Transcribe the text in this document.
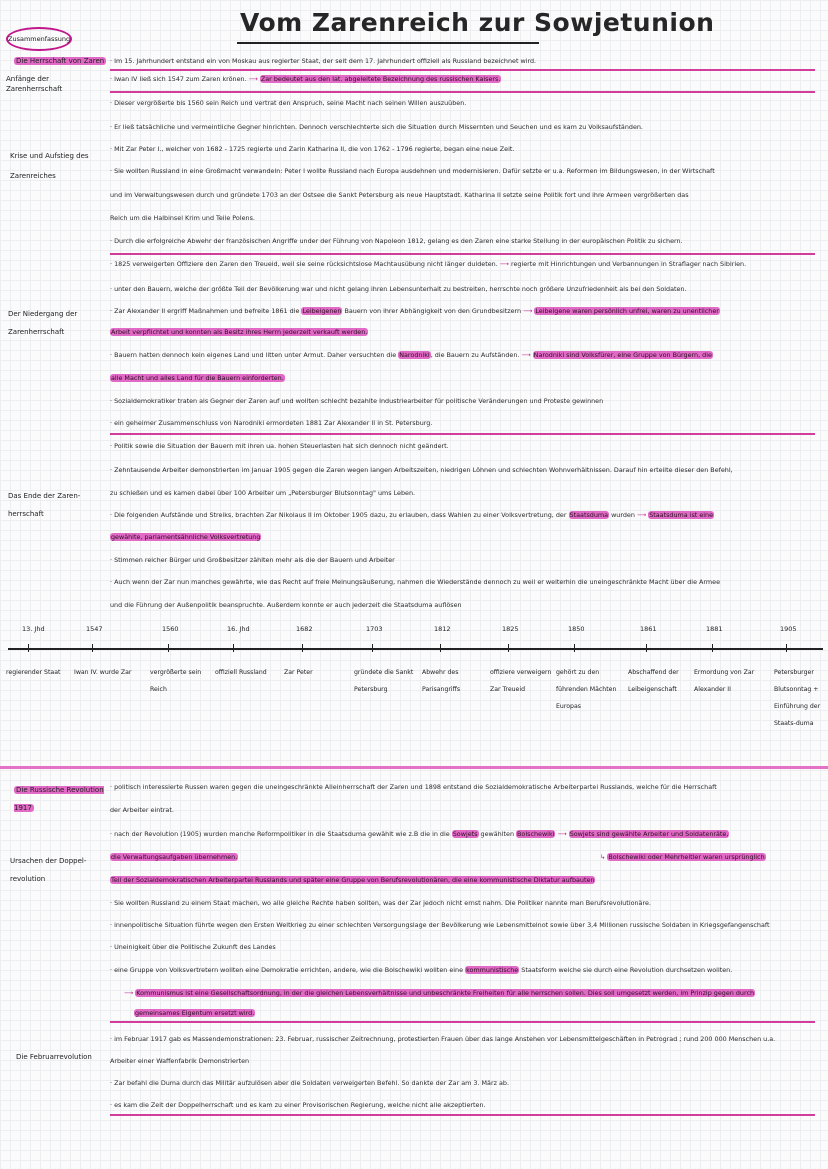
Zusammenfassung
Vom Zarenreich zur Sowjetunion
Die Herrschaft von Zaren
Anfänge der Zarenherrschaft
Krise und Aufstieg des Zarenreiches
Der Niedergang der Zarenherrschaft
Das Ende der Zaren-herrschaft
Die Russische Revolution 1917
Ursachen der Doppel-revolution
Die Februarrevolution
· Im 15. Jahrhundert entstand ein von Moskau aus regierter Staat, der seit dem 17. Jahrhundert offiziell als Russland bezeichnet wird.
· Iwan IV ließ sich 1547 zum Zaren krönen. ⟶ Zar bedeutet aus den lat. abgeleitete Bezeichnung des russischen Kaisers.
· Dieser vergrößerte bis 1560 sein Reich und vertrat den Anspruch, seine Macht nach seinen Willen auszuüben.
· Er ließ tatsächliche und vermeintliche Gegner hinrichten. Dennoch verschlechterte sich die Situation durch Missernten und Seuchen und es kam zu Volksaufständen.
· Mit Zar Peter I., welcher von 1682 - 1725 regierte und Zarin Katharina II, die von 1762 - 1796 regierte, began eine neue Zeit.
· Sie wollten Russland in eine Großmacht verwandeln: Peter I wollte Russland nach Europa ausdehnen und modernisieren. Dafür setzte er u.a. Reformen im Bildungswesen, in der Wirtschaft
und im Verwaltungswesen durch und gründete 1703 an der Ostsee die Sankt Petersburg als neue Hauptstadt. Katharina II setzte seine Politik fort und ihre Armeen vergrößerten das
Reich um die Halbinsel Krim und Teile Polens.
· Durch die erfolgreiche Abwehr der französischen Angriffe under der Führung von Napoleon 1812, gelang es den Zaren eine starke Stellung in der europäischen Politik zu sichern.
· 1825 verweigerten Offiziere den Zaren den Treueid, weil sie seine rücksichtslose Machtausübung nicht länger duldeten. ⟶ regierte mit Hinrichtungen und Verbannungen in Straflager nach Sibirien.
· unter den Bauern, welche der größte Teil der Bevölkerung war und nicht gelang ihren Lebensunterhalt zu bestreiten, herrschte noch größere Unzufriedenheit als bei den Soldaten.
· Zar Alexander II ergriff Maßnahmen und befreite 1861 die Leibeigenen Bauern von ihrer Abhängigkeit von den Grundbesitzern ⟶ Leibeigene waren persönlich unfrei, waren zu unentlicher
Arbeit verpflichtet und konnten als Besitz ihres Herrn jederzeit verkauft werden.
· Bauern hatten dennoch kein eigenes Land und litten unter Armut. Daher versuchten die Narodniki, die Bauern zu Aufständen. ⟶ Narodniki sind Volksfürer, eine Gruppe von Bürgern, die
alle Macht und alles Land für die Bauern einforderten.
· Sozialdemokratiker traten als Gegner der Zaren auf und wollten schlecht bezahlte Industriearbeiter für politische Veränderungen und Proteste gewinnen
· ein geheimer Zusammenschluss von Narodniki ermordeten 1881 Zar Alexander II in St. Petersburg.
· Politik sowie die Situation der Bauern mit ihren ua. hohen Steuerlasten hat sich dennoch nicht geändert.
· Zehntausende Arbeiter demonstrierten im Januar 1905 gegen die Zaren wegen langen Arbeitszeiten, niedrigen Löhnen und schlechten Wohnverhältnissen. Darauf hin erteilte dieser den Befehl,
zu schießen und es kamen dabei über 100 Arbeiter um „Petersburger Blutsonntag" ums Leben.
· Die folgenden Aufstände und Streiks, brachten Zar Nikolaus II im Oktober 1905 dazu, zu erlauben, dass Wahlen zu einer Volksvertretung, der Staatsduma wurden ⟶ Staatsduma ist eine
gewählte, parlamentsähnliche Volksvertretung
· Stimmen reicher Bürger und Großbesitzer zählten mehr als die der Bauern und Arbeiter
· Auch wenn der Zar nun manches gewährte, wie das Recht auf freie Meinungsäußerung, nahmen die Wiederstände dennoch zu weil er weiterhin die uneingeschränkte Macht über die Armee
und die Führung der Außenpolitik beanspruchte. Außerdem konnte er auch jederzeit die Staatsduma auflösen
13. Jhd
regierender Staat
1547
Iwan IV. wurde Zar
1560
vergrößerte sein Reich
16. Jhd
offiziell Russland
1682
Zar Peter
1703
gründete die Sankt Petersburg
1812
Abwehr des Parisangriffs
1825
offiziere verweigern Zar Treueid
1850
gehört zu den führenden Mächten Europas
1861
Abschaffend der Leibeigenschaft
1881
Ermordung von Zar Alexander II
1905
Petersburger Blutsonntag + Einführung der Staats-duma
· politisch interessierte Russen waren gegen die uneingeschränkte Alleinherrschaft der Zaren und 1898 entstand die Sozialdemokratische Arbeiterpartei Russlands, welche für die Herrschaft
der Arbeiter eintrat.
· nach der Revolution (1905) wurden manche Reformpolitiker in die Staatsduma gewählt wie z.B die in die Sowjets gewählten Bolschewiki ⟶ Sowjets sind gewählte Arbeiter und Soldatenräte,
die Verwaltungsaufgaben übernehmen.	↳ Bolschewiki oder Mehrheitler waren ursprünglich
Teil der Sozialdemokratischen Arbeiterpartei Russlands und später eine Gruppe von Berufsrevolutionären, die eine kommunistische Diktatur aufbauten
· Sie wollten Russland zu einem Staat machen, wo alle gleiche Rechte haben sollten, was der Zar jedoch nicht ernst nahm. Die Politiker nannte man Berufsrevolutionäre.
· innenpolitische Situation führte wegen den Ersten Weltkrieg zu einer schlechten Versorgungslage der Bevölkerung wie Lebensmittelnot sowie über 3,4 Millionen russische Soldaten in Kriegsgefangenschaft
· Uneinigkeit über die Politische Zukunft des Landes
· eine Gruppe von Volksvertretern wollten eine Demokratie errichten, andere, wie die Bolschewiki wollten eine kommunistische Staatsform welche sie durch eine Revolution durchsetzen wollten.
⟶ Kommunismus ist eine Gesellschaftsordnung, in der die gleichen Lebensverhältnisse und unbeschränkte Freiheiten für alle herrschen sollen. Dies soll umgesetzt werden, im Prinzip gegen durch
gemeinsames Eigentum ersetzt wird.
· im Februar 1917 gab es Massendemonstrationen: 23. Februar, russischer Zeitrechnung, protestierten Frauen über das lange Anstehen vor Lebensmittelgeschäften in Petrograd ; rund 200 000 Menschen u.a.
Arbeiter einer Waffenfabrik Demonstrierten
· Zar befahl die Duma durch das Militär aufzulösen aber die Soldaten verweigerten Befehl. So dankte der Zar am 3. März ab.
· es kam die Zeit der Doppelherrschaft und es kam zu einer Provisorischen Regierung, welche nicht alle akzeptierten.
